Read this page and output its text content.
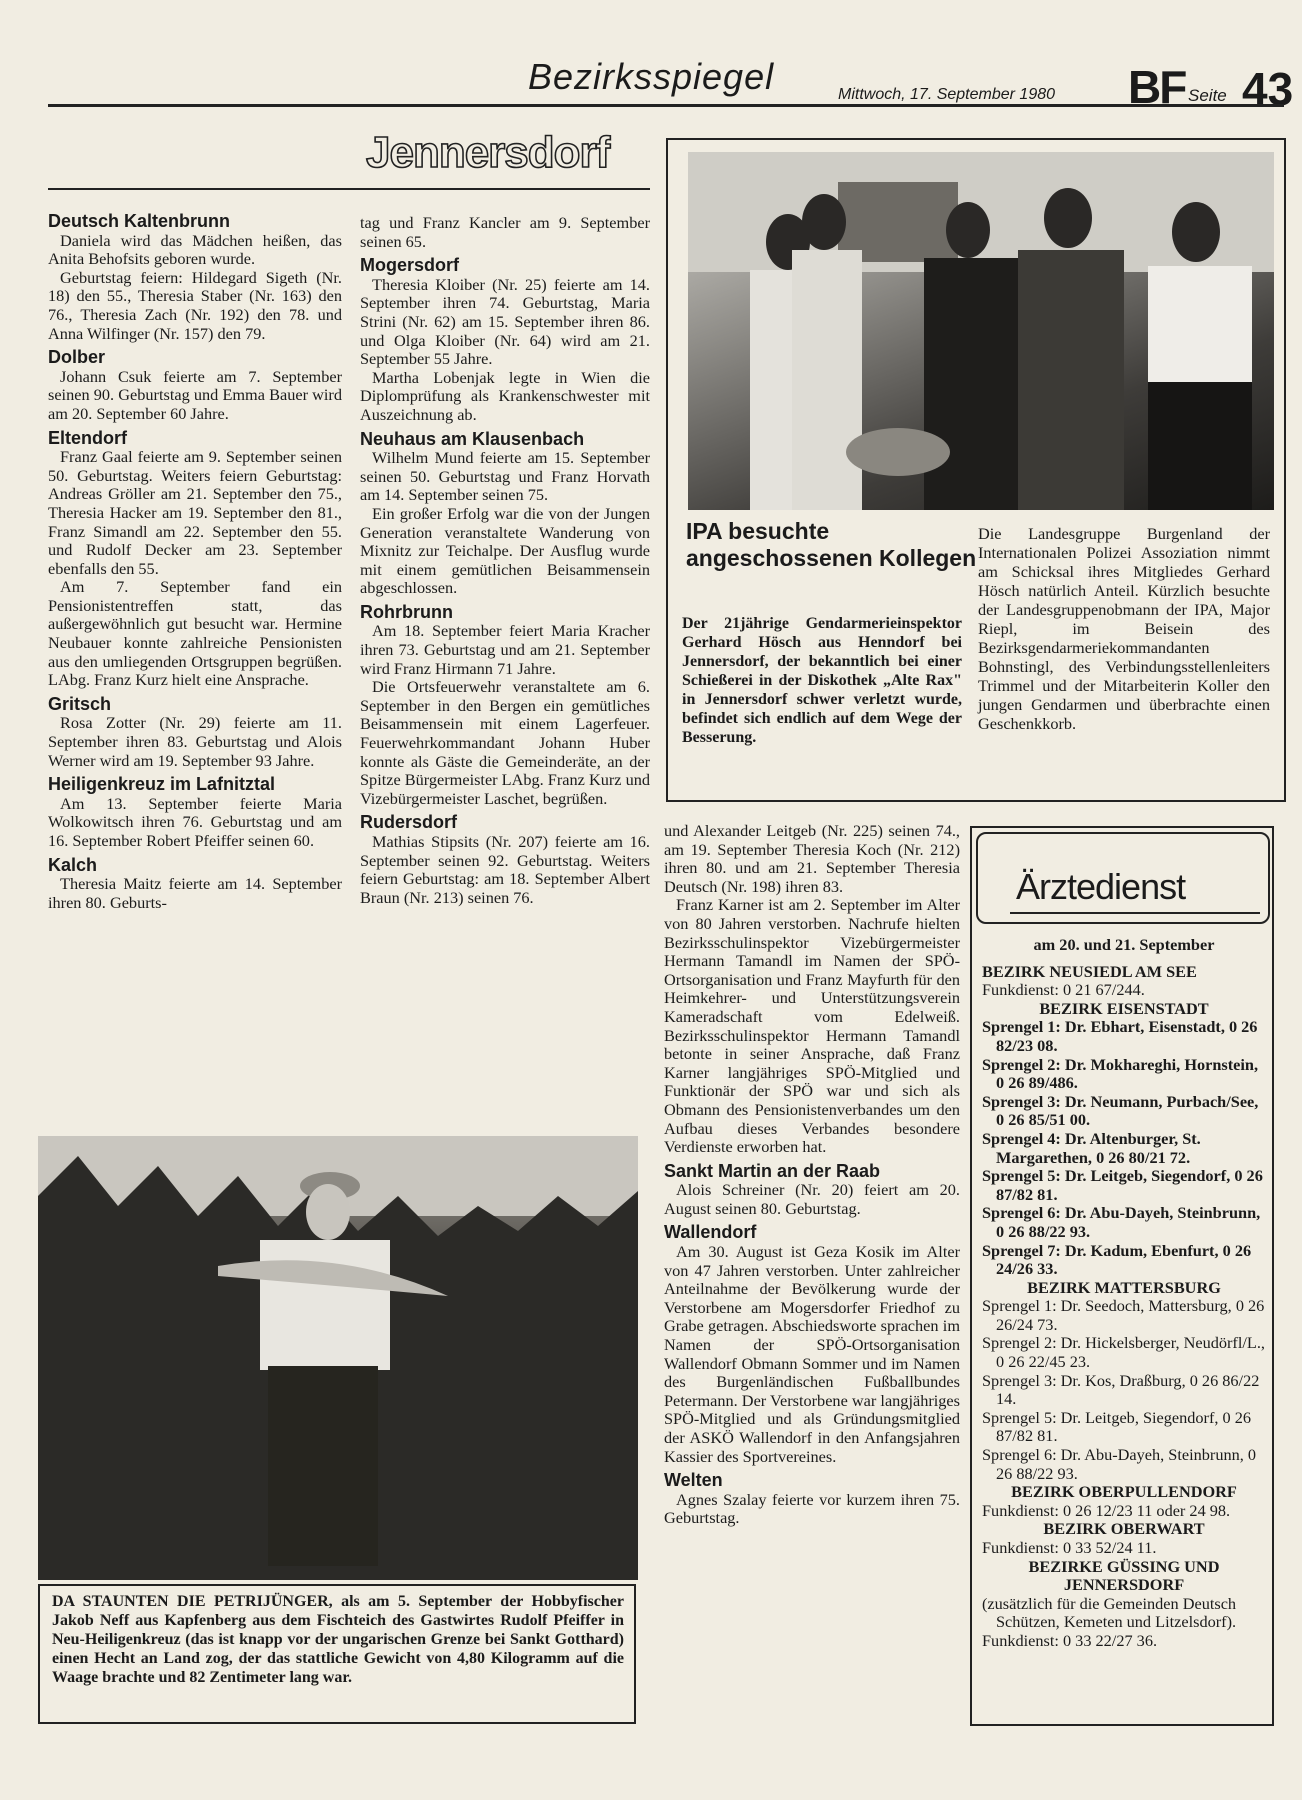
Bezirksspiegel	Mittwoch, 17. September 1980 BF Seite 43
Jennersdorf
Deutsch Kaltenbrunn

Daniela wird das Mädchen heißen, das Anita Behofsits geboren wurde.

Geburtstag feiern: Hildegard Sigeth (Nr. 18) den 55., Theresia Staber (Nr. 163) den 76., Theresia Zach (Nr. 192) den 78. und Anna Wilfinger (Nr. 157) den 79.

Dolber

Johann Csuk feierte am 7. September seinen 90. Geburtstag und Emma Bauer wird am 20. September 60 Jahre.

Eltendorf

Franz Gaal feierte am 9. September seinen 50. Geburtstag. Weiters feiern Geburtstag: Andreas Gröller am 21. September den 75., Theresia Hacker am 19. September den 81., Franz Simandl am 22. September den 55. und Rudolf Decker am 23. September ebenfalls den 55.

Am 7. September fand ein Pensionistentreffen statt, das außergewöhnlich gut besucht war. Hermine Neubauer konnte zahlreiche Pensionisten aus den umliegenden Ortsgruppen begrüßen. LAbg. Franz Kurz hielt eine Ansprache.

Gritsch

Rosa Zotter (Nr. 29) feierte am 11. September ihren 83. Geburtstag und Alois Werner wird am 19. September 93 Jahre.

Heiligenkreuz im Lafnitztal

Am 13. September feierte Maria Wolkowitsch ihren 76. Geburtstag und am 16. September Robert Pfeiffer seinen 60.

Kalch

Theresia Maitz feierte am 14. September ihren 80. Geburts-

tag und Franz Kancler am 9. September seinen 65.

Mogersdorf

Theresia Kloiber (Nr. 25) feierte am 14. September ihren 74. Geburtstag, Maria Strini (Nr. 62) am 15. September ihren 86. und Olga Kloiber (Nr. 64) wird am 21. September 55 Jahre.

Martha Lobenjak legte in Wien die Diplomprüfung als Krankenschwester mit Auszeichnung ab.

Neuhaus am Klausenbach

Wilhelm Mund feierte am 15. September seinen 50. Geburtstag und Franz Horvath am 14. September seinen 75.

Ein großer Erfolg war die von der Jungen Generation veranstaltete Wanderung von Mixnitz zur Teichalpe. Der Ausflug wurde mit einem gemütlichen Beisammensein abgeschlossen.

Rohrbrunn

Am 18. September feiert Maria Kracher ihren 73. Geburtstag und am 21. September wird Franz Hirmann 71 Jahre.

Die Ortsfeuerwehr veranstaltete am 6. September in den Bergen ein gemütliches Beisammensein mit einem Lagerfeuer. Feuerwehrkommandant Johann Huber konnte als Gäste die Gemeinderäte, an der Spitze Bürgermeister LAbg. Franz Kurz und Vizebürgermeister Laschet, begrüßen.

Rudersdorf

Mathias Stipsits (Nr. 207) feierte am 16. September seinen 92. Geburtstag. Weiters feiern Geburtstag: am 18. September Albert Braun (Nr. 213) seinen 76.

und Alexander Leitgeb (Nr. 225) seinen 74., am 19. September Theresia Koch (Nr. 212) ihren 80. und am 21. September Theresia Deutsch (Nr. 198) ihren 83.

Franz Karner ist am 2. September im Alter von 80 Jahren verstorben. Nachrufe hielten Bezirksschulinspektor Vizebürgermeister Hermann Tamandl im Namen der SPÖ-Ortsorganisation und Franz Mayfurth für den Heimkehrer- und Unterstützungsverein Kameradschaft vom Edelweiß. Bezirksschulinspektor Hermann Tamandl betonte in seiner Ansprache, daß Franz Karner langjähriges SPÖ-Mitglied und Funktionär der SPÖ war und sich als Obmann des Pensionistenverbandes um den Aufbau dieses Verbandes besondere Verdienste erworben hat.

Sankt Martin an der Raab

Alois Schreiner (Nr. 20) feiert am 20. August seinen 80. Geburtstag.

Wallendorf

Am 30. August ist Geza Kosik im Alter von 47 Jahren verstorben. Unter zahlreicher Anteilnahme der Bevölkerung wurde der Verstorbene am Mogersdorfer Friedhof zu Grabe getragen. Abschiedsworte sprachen im Namen der SPÖ-Ortsorganisation Wallendorf Obmann Sommer und im Namen des Burgenländischen Fußballbundes Petermann. Der Verstorbene war langjähriges SPÖ-Mitglied und als Gründungsmitglied der ASKÖ Wallendorf in den Anfangsjahren Kassier des Sportvereines.

Welten

Agnes Szalay feierte vor kurzem ihren 75. Geburtstag.

IPA besuchte angeschossenen Kollegen
Der 21jährige Gendarmerieinspektor Gerhard Hösch aus Henndorf bei Jennersdorf, der bekanntlich bei einer Schießerei in der Diskothek „Alte Rax" in Jennersdorf schwer verletzt wurde, befindet sich endlich auf dem Wege der Besserung.
Die Landesgruppe Burgenland der Internationalen Polizei Assoziation nimmt am Schicksal ihres Mitgliedes Gerhard Hösch natürlich Anteil. Kürzlich besuchte der Landesgruppenobmann der IPA, Major Riepl, im Beisein des Bezirksgendarmeriekommandanten Bohnstingl, des Verbindungsstellenleiters Trimmel und der Mitarbeiterin Koller den jungen Gendarmen und überbrachte einen Geschenkkorb.
DA STAUNTEN DIE PETRIJÜNGER, als am 5. September der Hobbyfischer Jakob Neff aus Kapfenberg aus dem Fischteich des Gastwirtes Rudolf Pfeiffer in Neu-Heiligenkreuz (das ist knapp vor der ungarischen Grenze bei Sankt Gotthard) einen Hecht an Land zog, der das stattliche Gewicht von 4,80 Kilogramm auf die Waage brachte und 82 Zentimeter lang war.
Ärztedienst
am 20. und 21. September
BEZIRK NEUSIEDL AM SEE
Funkdienst: 0 21 67/244.
BEZIRK EISENSTADT
Sprengel 1: Dr. Ebhart, Eisenstadt, 0 26 82/23 08.
Sprengel 2: Dr. Mokhareghi, Hornstein, 0 26 89/486.
Sprengel 3: Dr. Neumann, Purbach/See, 0 26 85/51 00.
Sprengel 4: Dr. Altenburger, St. Margarethen, 0 26 80/21 72.
Sprengel 5: Dr. Leitgeb, Siegendorf, 0 26 87/82 81.
Sprengel 6: Dr. Abu-Dayeh, Steinbrunn, 0 26 88/22 93.
Sprengel 7: Dr. Kadum, Ebenfurt, 0 26 24/26 33.
BEZIRK MATTERSBURG
Sprengel 1: Dr. Seedoch, Mattersburg, 0 26 26/24 73.
Sprengel 2: Dr. Hickelsberger, Neudörfl/L., 0 26 22/45 23.
Sprengel 3: Dr. Kos, Draßburg, 0 26 86/22 14.
Sprengel 5: Dr. Leitgeb, Siegendorf, 0 26 87/82 81.
Sprengel 6: Dr. Abu-Dayeh, Steinbrunn, 0 26 88/22 93.
BEZIRK OBERPULLENDORF
Funkdienst: 0 26 12/23 11 oder 24 98.
BEZIRK OBERWART
Funkdienst: 0 33 52/24 11.
BEZIRKE GÜSSING UND JENNERSDORF
(zusätzlich für die Gemeinden Deutsch Schützen, Kemeten und Litzelsdorf).
Funkdienst: 0 33 22/27 36.
